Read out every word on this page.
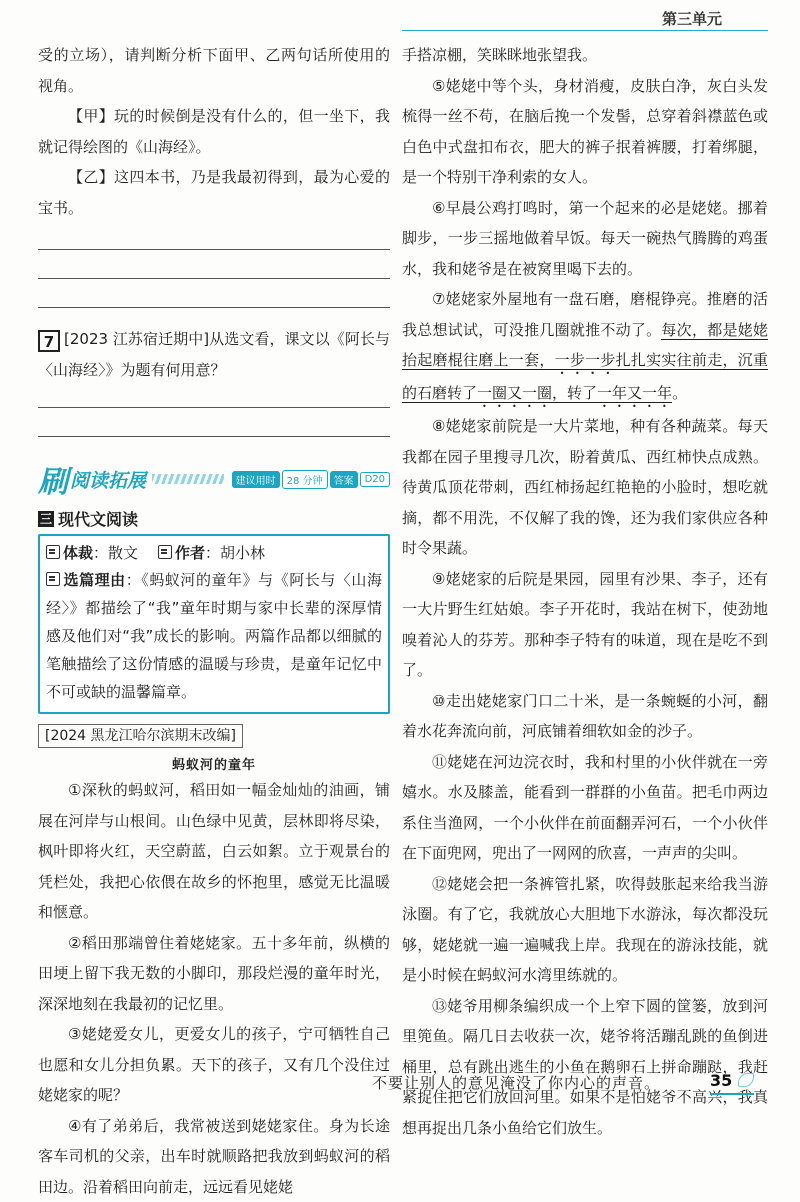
第三单元

受的立场），请判断分析下面甲、乙两句话所使用的视角。

【甲】玩的时候倒是没有什么的，但一坐下，我就记得绘图的《山海经》。

【乙】这四本书，乃是我最初得到，最为心爱的宝书。

7 [2023 江苏宿迁期中]从选文看，课文以《阿长与〈山海经〉》为题有何用意？

刷 阅读拓展	建议用时	28 分钟	答案	D20
三 现代文阅读
体裁：散文	作者：胡小林

选篇理由：《蚂蚁河的童年》与《阿长与〈山海经〉》都描绘了“我”童年时期与家中长辈的深厚情感及他们对“我”成长的影响。两篇作品都以细腻的笔触描绘了这份情感的温暖与珍贵，是童年记忆中不可或缺的温馨篇章。

[2024 黑龙江哈尔滨期末改编]
蚂蚁河的童年

①深秋的蚂蚁河，稻田如一幅金灿灿的油画，铺展在河岸与山根间。山色绿中见黄，层林即将尽染，枫叶即将火红，天空蔚蓝，白云如絮。立于观景台的凭栏处，我把心依偎在故乡的怀抱里，感觉无比温暖和惬意。

②稻田那端曾住着姥姥家。五十多年前，纵横的田埂上留下我无数的小脚印，那段烂漫的童年时光，深深地刻在我最初的记忆里。

③姥姥爱女儿，更爱女儿的孩子，宁可牺牲自己也愿和女儿分担负累。天下的孩子，又有几个没住过姥姥家的呢？

④有了弟弟后，我常被送到姥姥家住。身为长途客车司机的父亲，出车时就顺路把我放到蚂蚁河的稻田边。沿着稻田向前走，远远看见姥姥

手搭凉棚，笑眯眯地张望我。

⑤姥姥中等个头，身材消瘦，皮肤白净，灰白头发梳得一丝不苟，在脑后挽一个发髻，总穿着斜襟蓝色或白色中式盘扣布衣，肥大的裤子抿着裤腰，打着绑腿，是一个特别干净利索的女人。

⑥早晨公鸡打鸣时，第一个起来的必是姥姥。挪着脚步，一步三摇地做着早饭。每天一碗热气腾腾的鸡蛋水，我和姥爷是在被窝里喝下去的。

⑦姥姥家外屋地有一盘石磨，磨棍铮亮。推磨的活我总想试试，可没推几圈就推不动了。每次，都是姥姥抬起磨棍往磨上一套，一步一步扎扎实实往前走，沉重的石磨转了一圈又一圈，转了一年又一年。

⑧姥姥家前院是一大片菜地，种有各种蔬菜。每天我都在园子里搜寻几次，盼着黄瓜、西红柿快点成熟。待黄瓜顶花带刺，西红柿扬起红艳艳的小脸时，想吃就摘，都不用洗，不仅解了我的馋，还为我们家供应各种时令果蔬。

⑨姥姥家的后院是果园，园里有沙果、李子，还有一大片野生红姑娘。李子开花时，我站在树下，使劲地嗅着沁人的芬芳。那种李子特有的味道，现在是吃不到了。

⑩走出姥姥家门口二十米，是一条蜿蜒的小河，翻着水花奔流向前，河底铺着细软如金的沙子。

⑪姥姥在河边浣衣时，我和村里的小伙伴就在一旁嬉水。水及膝盖，能看到一群群的小鱼苗。把毛巾两边系住当渔网，一个小伙伴在前面翻弄河石，一个小伙伴在下面兜网，兜出了一网网的欣喜，一声声的尖叫。

⑫姥姥会把一条裤管扎紧，吹得鼓胀起来给我当游泳圈。有了它，我就放心大胆地下水游泳，每次都没玩够，姥姥就一遍一遍喊我上岸。我现在的游泳技能，就是小时候在蚂蚁河水湾里练就的。

⑬姥爷用柳条编织成一个上窄下圆的筐篓，放到河里篼鱼。隔几日去收获一次，姥爷将活蹦乱跳的鱼倒进桶里，总有跳出逃生的小鱼在鹅卵石上拼命蹦跶，我赶紧捉住把它们放回河里。如果不是怕姥爷不高兴，我真想再捉出几条小鱼给它们放生。

不要让别人的意见淹没了你内心的声音。	35
